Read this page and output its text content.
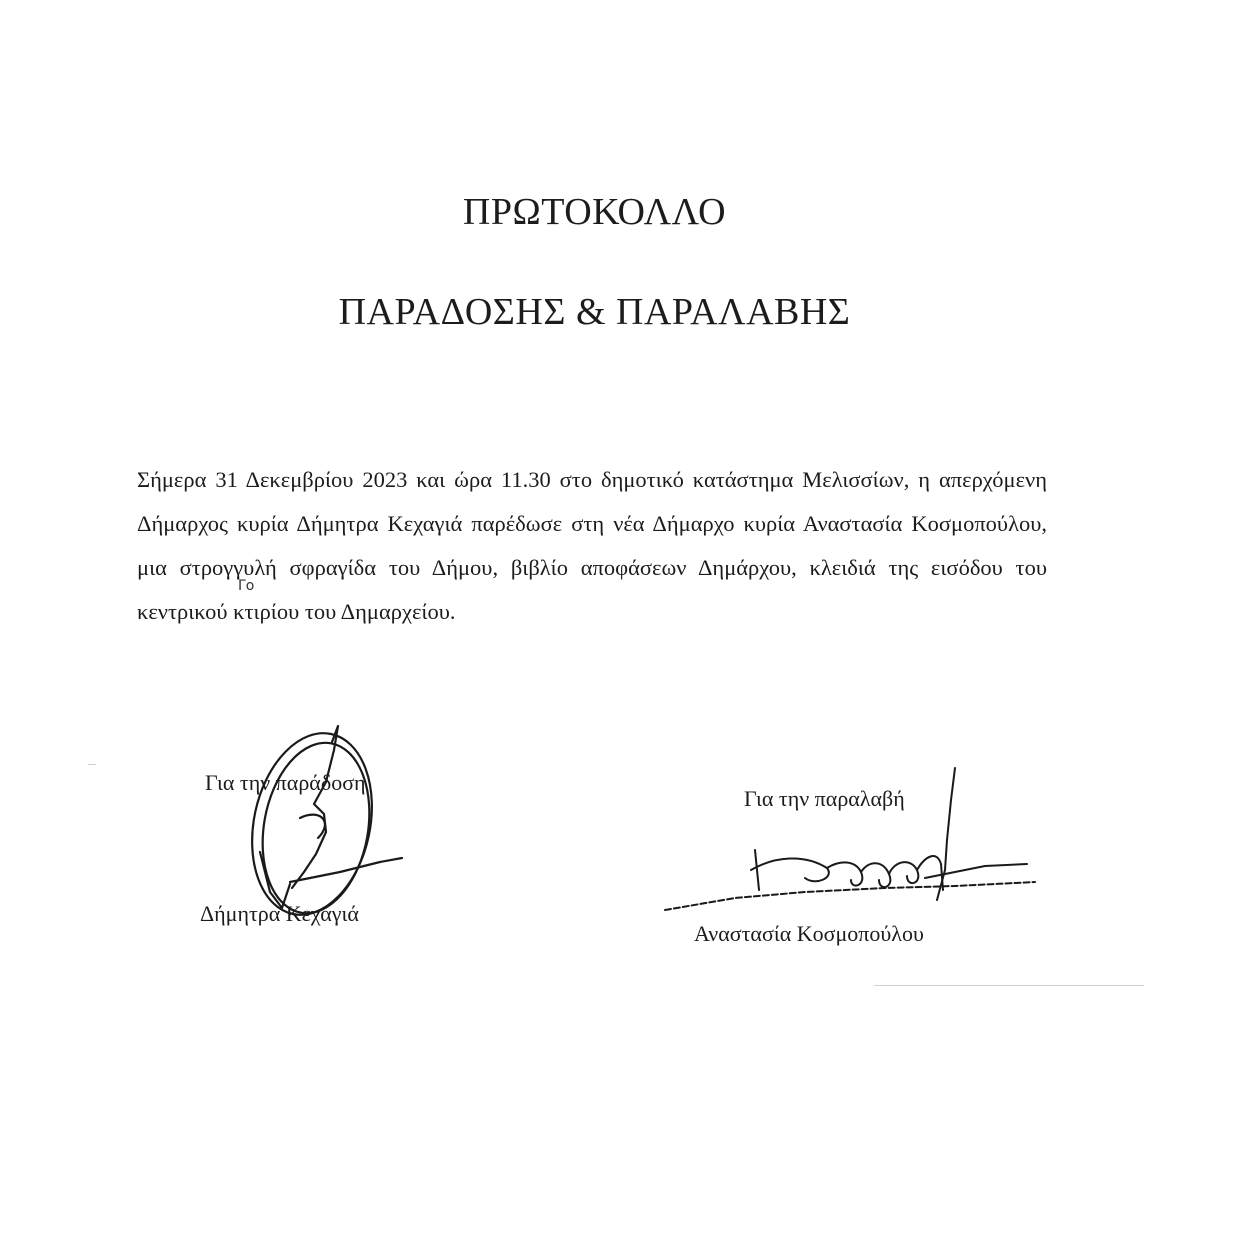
ΠΡΩΤΟΚΟΛΛΟ
ΠΑΡΑΔΟΣΗΣ & ΠΑΡΑΛΑΒΗΣ

Σήμερα 31 Δεκεμβρίου 2023 και ώρα 11.30 στο δημοτικό κατάστημα Μελισσίων, η απερχόμενη Δήμαρχος κυρία Δήμητρα Κεχαγιά παρέδωσε στη νέα Δήμαρχο κυρία Αναστασία Κοσμοπούλου, μια στρογγυλή σφραγίδα του Δήμου, βιβλίο αποφάσεων Δημάρχου, κλειδιά της εισόδου του κεντρικού κτιρίου του Δημαρχείου.

Γο
Για την παράδοση
Δήμητρα Κεχαγιά
Για την παραλαβή
Αναστασία Κοσμοπούλου
